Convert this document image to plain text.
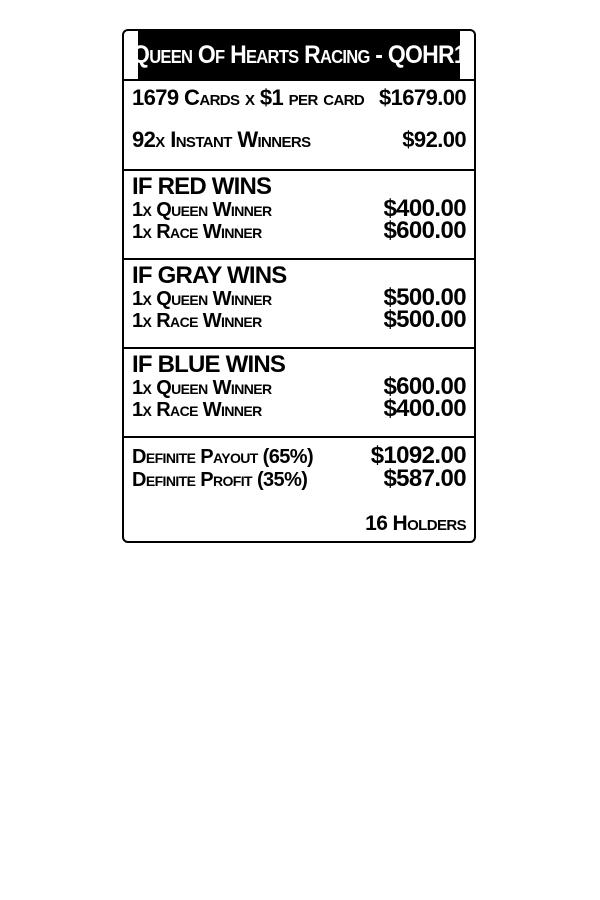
Queen Of Hearts Racing - QOHR1
1679 Cards x $1 per card $1679.00
92x Instant Winners	$92.00
IF RED WINS
1x Queen Winner	$400.00
1x Race Winner	$600.00
IF GRAY WINS
1x Queen Winner	$500.00
1x Race Winner	$500.00
IF BLUE WINS
1x Queen Winner	$600.00
1x Race Winner	$400.00
Definite Payout (65%) $1092.00
Definite Profit (35%)	$587.00
16 Holders
